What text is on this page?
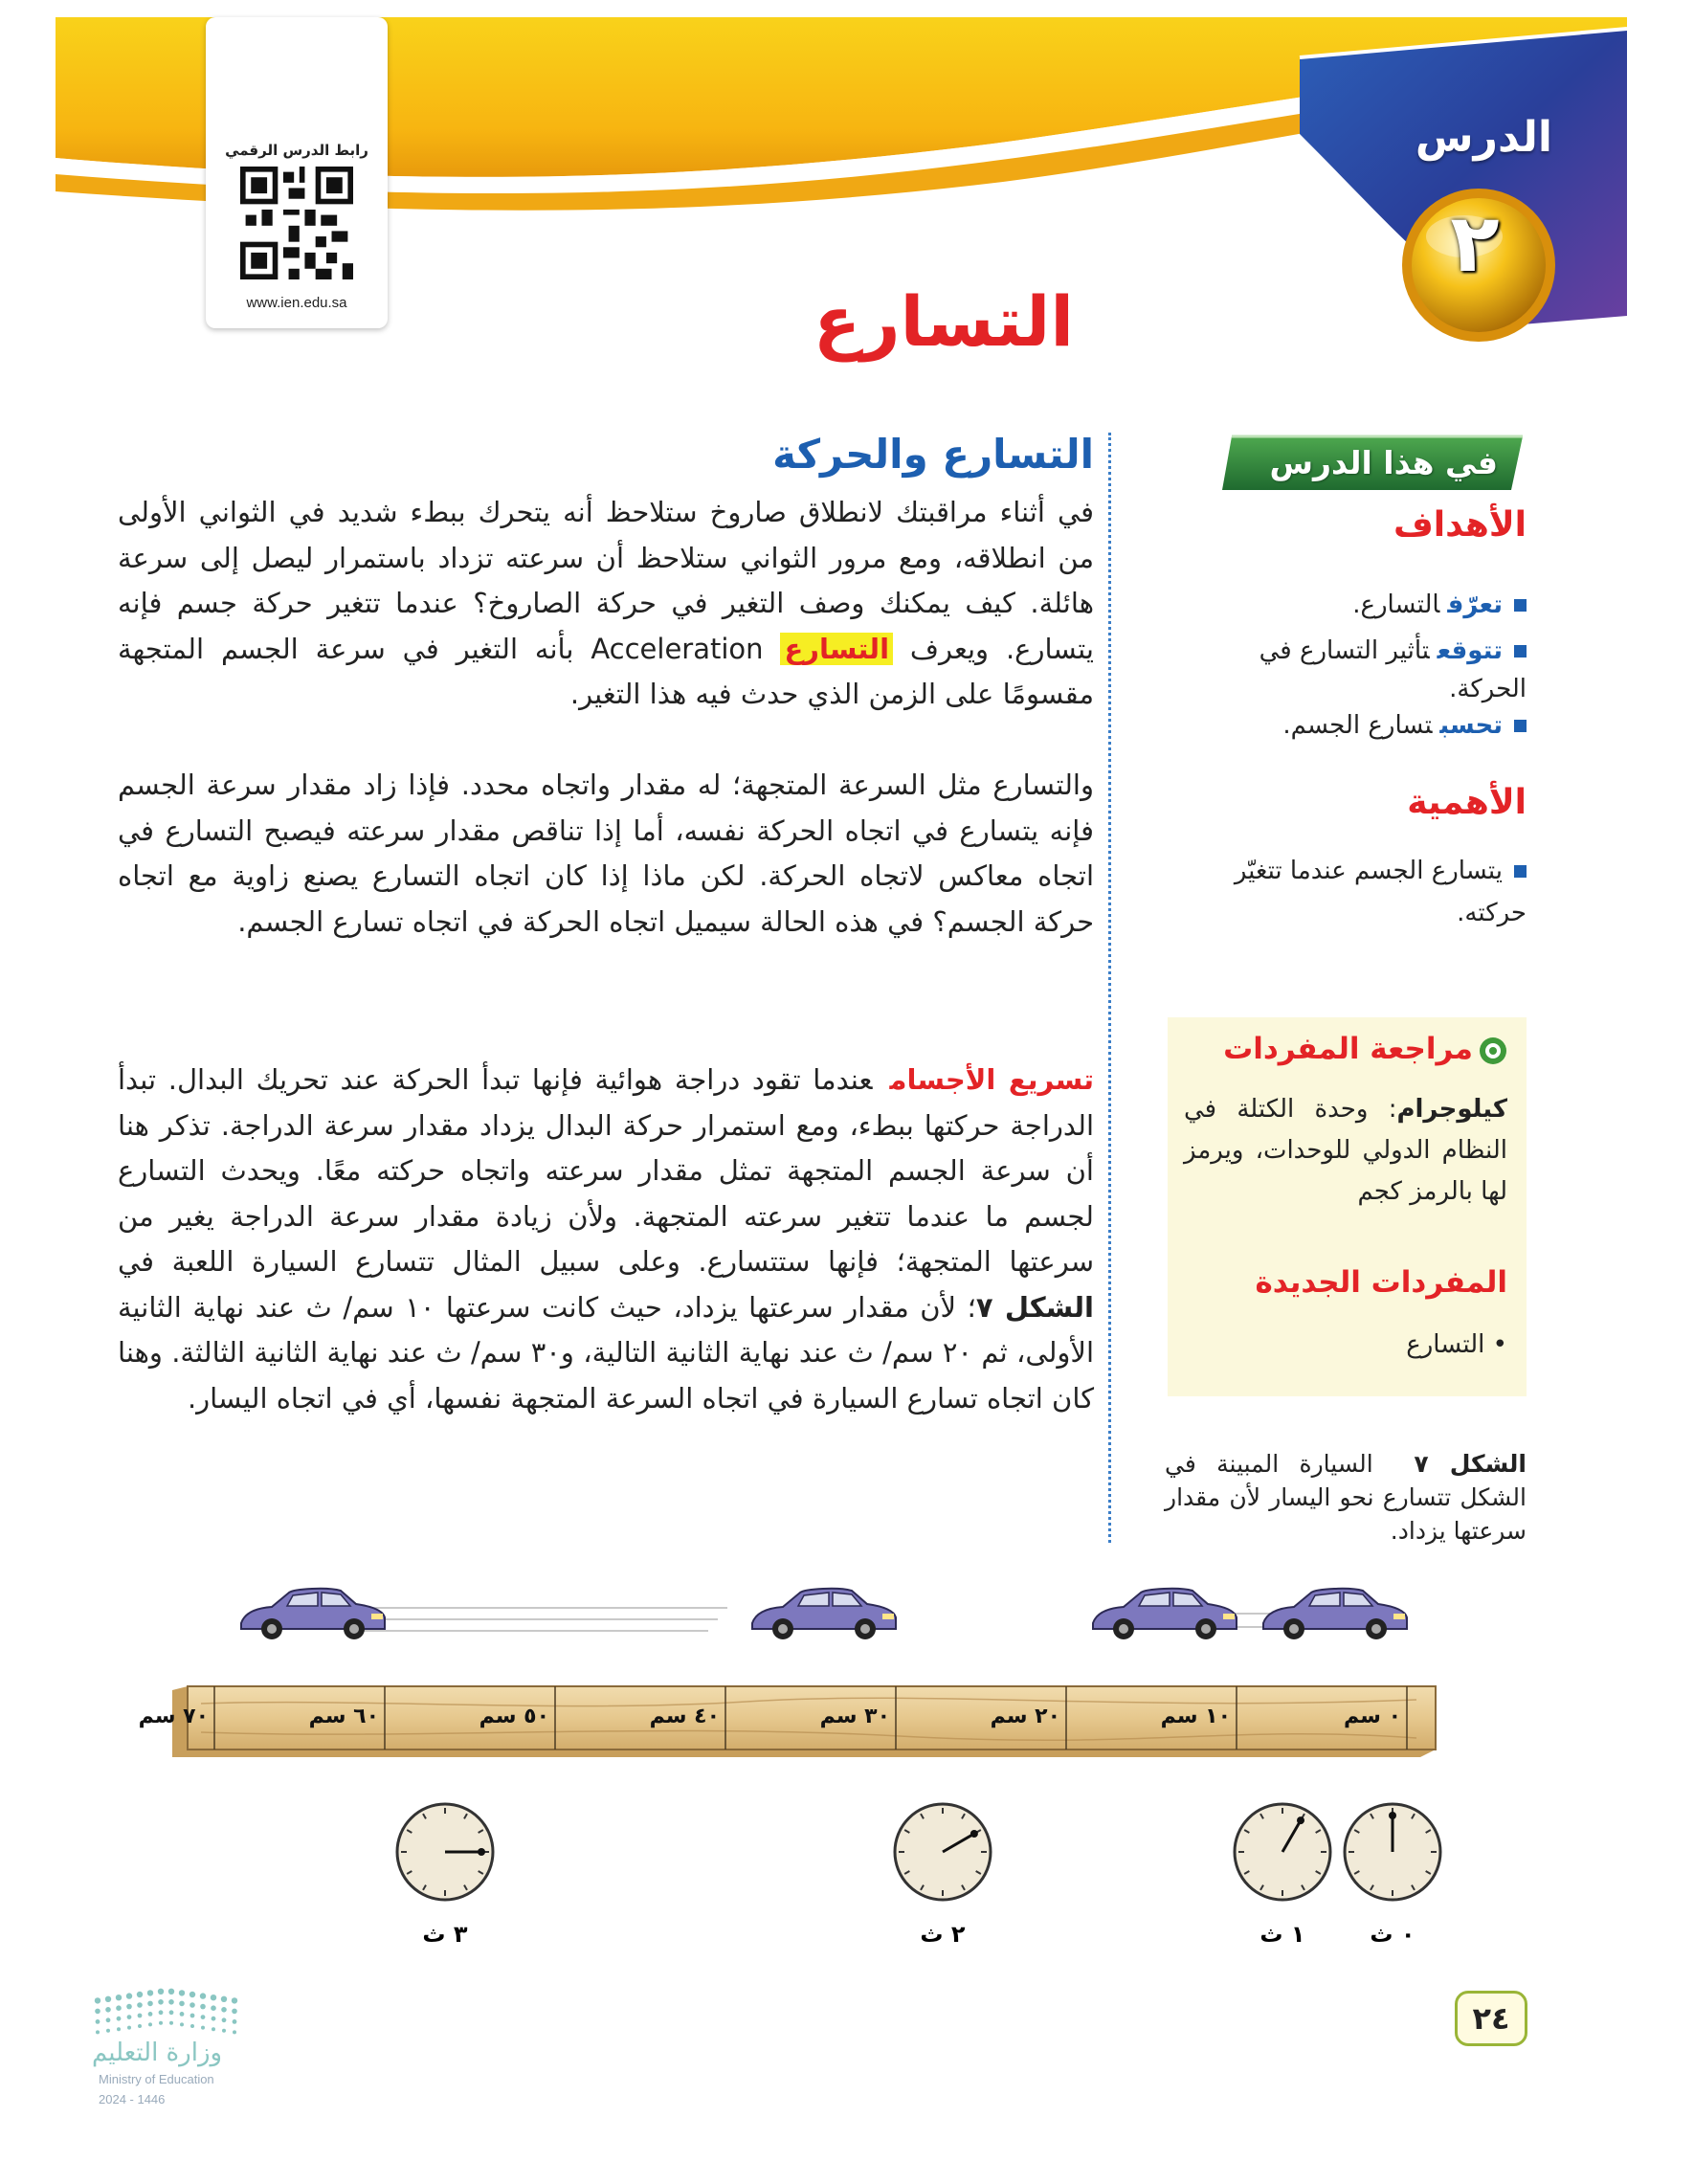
رابط الدرس الرقمي
www.ien.edu.sa
الدرس
٢
التسارع
في هذا الدرس
الأهداف
تعرّفالتسارع.
تتوقعتأثير التسارع في الحركة.
تحسبتسارع الجسم.
الأهمية
يتسارع الجسم عندما تتغيّر حركته.
مراجعة المفردات
كيلوجرام: وحدة الكتلة في النظام الدولي للوحدات، ويرمز لها بالرمز كجم
المفردات الجديدة
• التسارع
الشكل ٧  السيارة المبينة في الشكل تتسارع نحو اليسار لأن مقدار سرعتها يزداد.
التسارع والحركة

في أثناء مراقبتك لانطلاق صاروخ ستلاحظ أنه يتحرك ببطء شديد في الثواني الأولى من انطلاقه، ومع مرور الثواني ستلاحظ أن سرعته تزداد باستمرار ليصل إلى سرعة هائلة. كيف يمكنك وصف التغير في حركة الصاروخ؟ عندما تتغير حركة جسم فإنه يتسارع. ويعرف التسارع Acceleration بأنه التغير في سرعة الجسم المتجهة مقسومًا على الزمن الذي حدث فيه هذا التغير.

والتسارع مثل السرعة المتجهة؛ له مقدار واتجاه محدد. فإذا زاد مقدار سرعة الجسم فإنه يتسارع في اتجاه الحركة نفسه، أما إذا تناقص مقدار سرعته فيصبح التسارع في اتجاه معاكس لاتجاه الحركة. لكن ماذا إذا كان اتجاه التسارع يصنع زاوية مع اتجاه حركة الجسم؟ في هذه الحالة سيميل اتجاه الحركة في اتجاه تسارع الجسم.

تسريع الأجسامعندما تقود دراجة هوائية فإنها تبدأ الحركة عند تحريك البدال. تبدأ الدراجة حركتها ببطء، ومع استمرار حركة البدال يزداد مقدار سرعة الدراجة. تذكر هنا أن سرعة الجسم المتجهة تمثل مقدار سرعته واتجاه حركته معًا. ويحدث التسارع لجسم ما عندما تتغير سرعته المتجهة. ولأن زيادة مقدار سرعة الدراجة يغير من سرعتها المتجهة؛ فإنها ستتسارع. وعلى سبيل المثال تتسارع السيارة اللعبة في الشكل ٧؛ لأن مقدار سرعتها يزداد، حيث كانت سرعتها ١٠ سم/ ث عند نهاية الثانية الأولى، ثم ٢٠ سم/ ث عند نهاية الثانية التالية، و٣٠ سم/ ث عند نهاية الثانية الثالثة. وهنا كان اتجاه تسارع السيارة في اتجاه السرعة المتجهة نفسها، أي في اتجاه اليسار.

٠ سم
١٠ سم
٢٠ سم
٣٠ سم
٤٠ سم
٥٠ سم
٦٠ سم
٧٠ سم
٠ ث
١ ث
٢ ث
٣ ث
٢٤
وزارة التعليم
Ministry of Education
2024 - 1446
